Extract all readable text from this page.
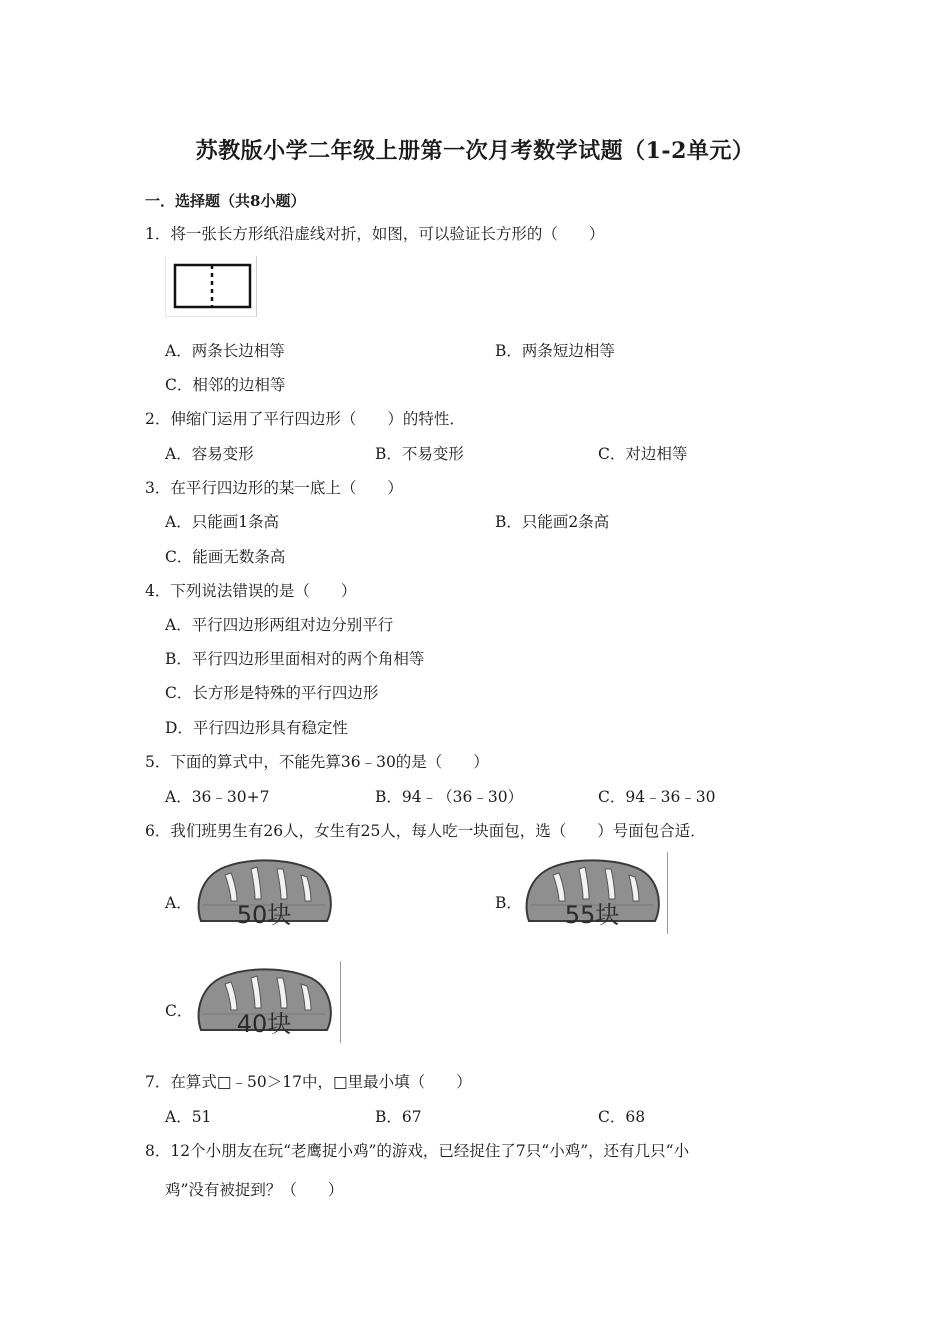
苏教版小学二年级上册第一次月考数学试题（1-2单元）
一．选择题（共8小题）
1．将一张长方形纸沿虚线对折，如图，可以验证长方形的（　　）
A．两条长边相等	B．两条短边相等
C．相邻的边相等
2．伸缩门运用了平行四边形（　　）的特性．
A．容易变形	B．不易变形	C．对边相等
3．在平行四边形的某一底上（　　）
A．只能画1条高	B．只能画2条高
C．能画无数条高
4．下列说法错误的是（　　）
A．平行四边形两组对边分别平行
B．平行四边形里面相对的两个角相等
C．长方形是特殊的平行四边形
D．平行四边形具有稳定性
5．下面的算式中，不能先算36﹣30的是（　　）
A．36﹣30+7	B．94﹣（36﹣30）	C．94﹣36﹣30
6．我们班男生有26人，女生有25人，每人吃一块面包，选（　　）号面包合适．
A． 50块	B． 55块
C． 40块
7．在算式□﹣50＞17中，□里最小填（　　）
A．51	B．67	C．68
8．12个小朋友在玩“老鹰捉小鸡”的游戏，已经捉住了7只“小鸡”，还有几只“小
鸡”没有被捉到？（　　）
